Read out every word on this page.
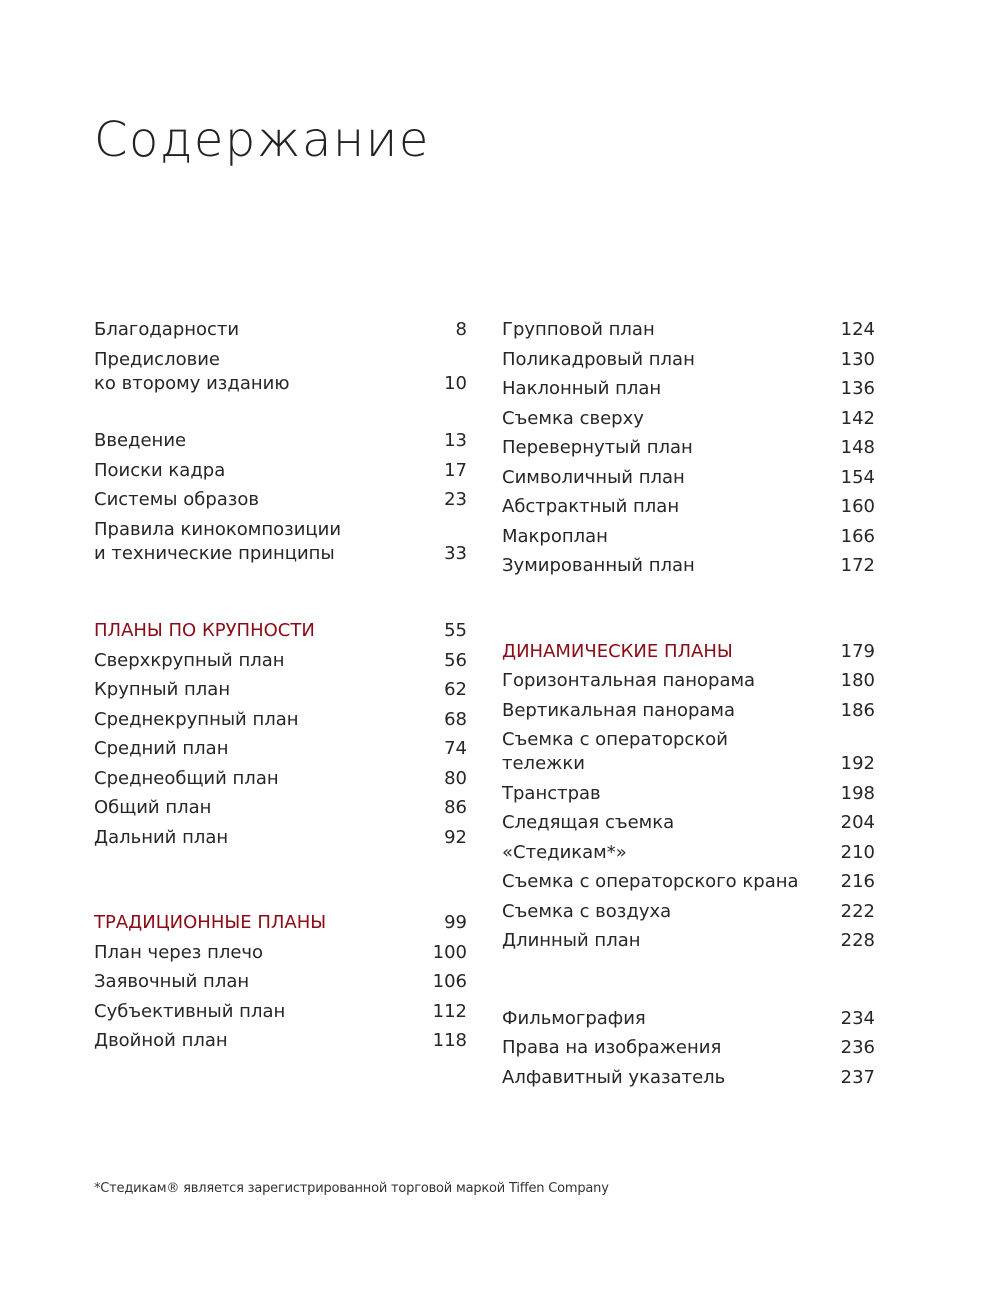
Содержание
Благодарности	8
Предисловие
ко второму изданию	10
Введение	13
Поиски кадра	17
Системы образов	23
Правила кинокомпозиции
и технические принципы	33
ПЛАНЫ ПО КРУПНОСТИ	55
Сверхкрупный план	56
Крупный план	62
Среднекрупный план	68
Средний план	74
Среднеобщий план	80
Общий план	86
Дальний план	92
ТРАДИЦИОННЫЕ ПЛАНЫ	99
План через плечо	100
Заявочный план	106
Субъективный план	112
Двойной план	118
Групповой план	124
Поликадровый план	130
Наклонный план	136
Съемка сверху	142
Перевернутый план	148
Символичный план	154
Абстрактный план	160
Макроплан	166
Зумированный план	172
ДИНАМИЧЕСКИЕ ПЛАНЫ	179
Горизонтальная панорама	180
Вертикальная панорама	186
Съемка с операторской тележки	192
Транстрав	198
Следящая съемка	204
«Стедикам*»	210
Съемка с операторского крана 216
Съемка с воздуха	222
Длинный план	228
Фильмография	234
Права на изображения	236
Алфавитный указатель	237
*Стедикам® является зарегистрированной торговой маркой Tiffen Company
